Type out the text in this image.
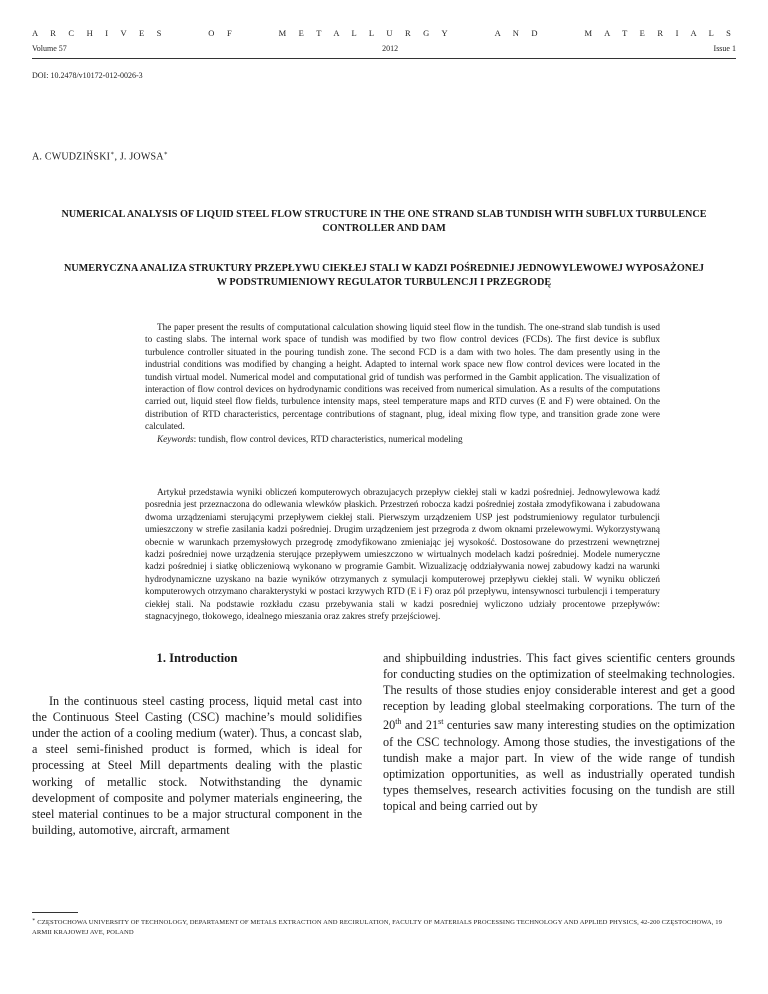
A R C H I V E S	O F	M E T A L L U R G Y	A N D	M A T E R I A L S
Volume 57	2012	Issue 1
DOI: 10.2478/v10172-012-0026-3
A. CWUDZIŃSKI∗, J. JOWSA∗
NUMERICAL ANALYSIS OF LIQUID STEEL FLOW STRUCTURE IN THE ONE STRAND SLAB TUNDISH WITH SUBFLUX TURBULENCE CONTROLLER AND DAM
NUMERYCZNA ANALIZA STRUKTURY PRZEPŁYWU CIEKŁEJ STALI W KADZI POŚREDNIEJ JEDNOWYLEWOWEJ WYPOSAŻONEJ W PODSTRUMIENIOWY REGULATOR TURBULENCJI I PRZEGRODĘ

The paper present the results of computational calculation showing liquid steel flow in the tundish. The one-strand slab tundish is used to casting slabs. The internal work space of tundish was modified by two flow control devices (FCDs). The first device is subflux turbulence controller situated in the pouring tundish zone. The second FCD is a dam with two holes. The dam presently using in the industrial conditions was modified by changing a height. Adapted to internal work space new flow control devices were located in the tundish virtual model. Numerical model and computational grid of tundish was performed in the Gambit application. The visualization of interaction of flow control devices on hydrodynamic conditions was received from numerical simulation. As a results of the computations carried out, liquid steel flow fields, turbulence intensity maps, steel temperature maps and RTD curves (E and F) were obtained. On the distribution of RTD characteristics, percentage contributions of stagnant, plug, ideal mixing flow type, and transition grade zone were calculated.

Keywords: tundish, flow control devices, RTD characteristics, numerical modeling

Artykuł przedstawia wyniki obliczeń komputerowych obrazujacych przepływ ciekłej stali w kadzi pośredniej. Jednowylewowa kadź posrednia jest przeznaczona do odlewania wlewków płaskich. Przestrzeń robocza kadzi pośredniej została zmodyfikowana i zabudowana dwoma urządzeniami sterującymi przepływem ciekłej stali. Pierwszym urządzeniem USP jest podstrumieniowy regulator turbulencji umieszczony w strefie zasilania kadzi pośredniej. Drugim urządzeniem jest przegroda z dwom oknami przelewowymi. Wykorzystywaną obecnie w warunkach przemysłowych przegrodę zmodyfikowano zmieniając jej wysokość. Dostosowane do przestrzeni wewnętrznej kadzi pośredniej nowe urządzenia sterujące przepływem umieszczono w wirtualnych modelach kadzi pośredniej. Modele numeryczne kadzi pośredniej i siatkę obliczeniową wykonano w programie Gambit. Wizualizację oddziaływania nowej zabudowy kadzi na warunki hydrodynamiczne uzyskano na bazie wyników otrzymanych z symulacji komputerowej przepływu ciekłej stali. W wyniku obliczeń komputerowych otrzymano charakterystyki w postaci krzywych RTD (E i F) oraz pól przepływu, intensywnosci turbulencji i temperatury ciekłej stali. Na podstawie rozkładu czasu przebywania stali w kadzi posredniej wyliczono udziały procentowe przepływów: stagnacyjnego, tłokowego, idealnego mieszania oraz zakres strefy przejściowej.

1. Introduction

In the continuous steel casting process, liquid metal cast into the Continuous Steel Casting (CSC) machine’s mould solidifies under the action of a cooling medium (water). Thus, a concast slab, a steel semi-finished product is formed, which is ideal for processing at Steel Mill departments dealing with the plastic working of metallic stock. Notwithstanding the dynamic development of composite and polymer materials engineering, the steel material continues to be a major structural component in the building, automotive, aircraft, armament

and shipbuilding industries. This fact gives scientific centers grounds for conducting studies on the optimization of steelmaking technologies. The results of those studies enjoy considerable interest and get a good reception by leading global steelmaking corporations. The turn of the 20th and 21st centuries saw many interesting studies on the optimization of the CSC technology. Among those studies, the investigations of the tundish make a major part. In view of the wide range of tundish optimization opportunities, as well as industrially operated tundish types themselves, research activities focusing on the tundish are still topical and being carried out by

∗ CZĘSTOCHOWA UNIVERSITY OF TECHNOLOGY, DEPARTAMENT OF METALS EXTRACTION AND RECIRULATION, FACULTY OF MATERIALS PROCESSING TECHNOLOGY AND APPLIED PHYSICS, 42-200 CZĘSTOCHOWA, 19 ARMII KRAJOWEJ AVE, POLAND
